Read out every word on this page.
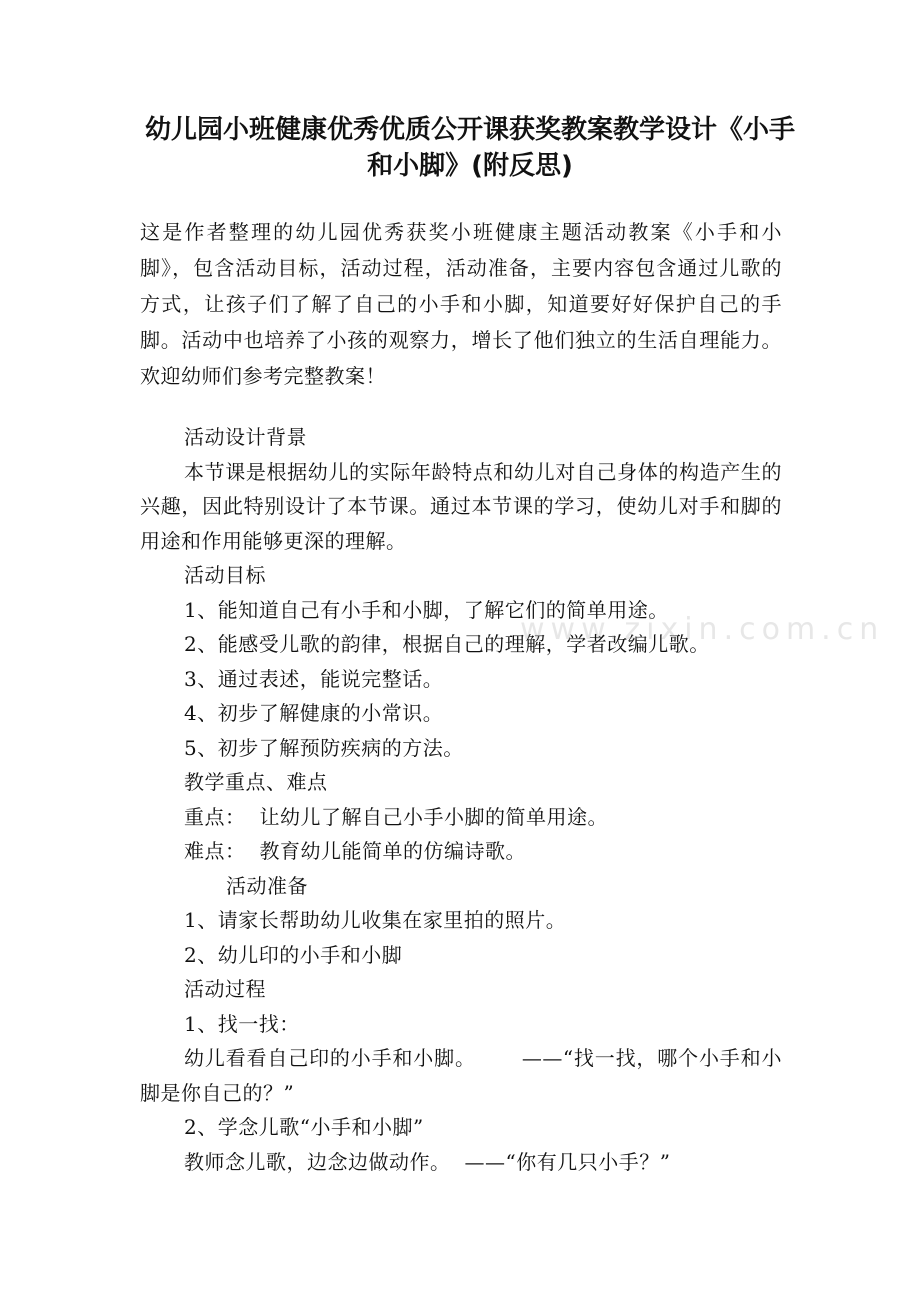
幼儿园小班健康优秀优质公开课获奖教案教学设计《小手和小脚》(附反思)

这是作者整理的幼儿园优秀获奖小班健康主题活动教案《小手和小脚》，包含活动目标，活动过程，活动准备，主要内容包含通过儿歌的方式，让孩子们了解了自己的小手和小脚，知道要好好保护自己的手脚。活动中也培养了小孩的观察力，增长了他们独立的生活自理能力。欢迎幼师们参考完整教案！

活动设计背景

本节课是根据幼儿的实际年龄特点和幼儿对自己身体的构造产生的兴趣，因此特别设计了本节课。通过本节课的学习，使幼儿对手和脚的用途和作用能够更深的理解。

活动目标

1、能知道自己有小手和小脚，了解它们的简单用途。

2、能感受儿歌的韵律，根据自己的理解，学者改编儿歌。

3、通过表述，能说完整话。

4、初步了解健康的小常识。

5、初步了解预防疾病的方法。

教学重点、难点

重点： 让幼儿了解自己小手小脚的简单用途。

难点： 教育幼儿能简单的仿编诗歌。

活动准备

1、请家长帮助幼儿收集在家里拍的照片。

2、幼儿印的小手和小脚

活动过程

1、找一找：

幼儿看看自己印的小手和小脚。 ——“找一找，哪个小手和小脚是你自己的？”

2、学念儿歌“小手和小脚”

教师念儿歌，边念边做动作。 ——“你有几只小手？”

www.zixin.com.cn
